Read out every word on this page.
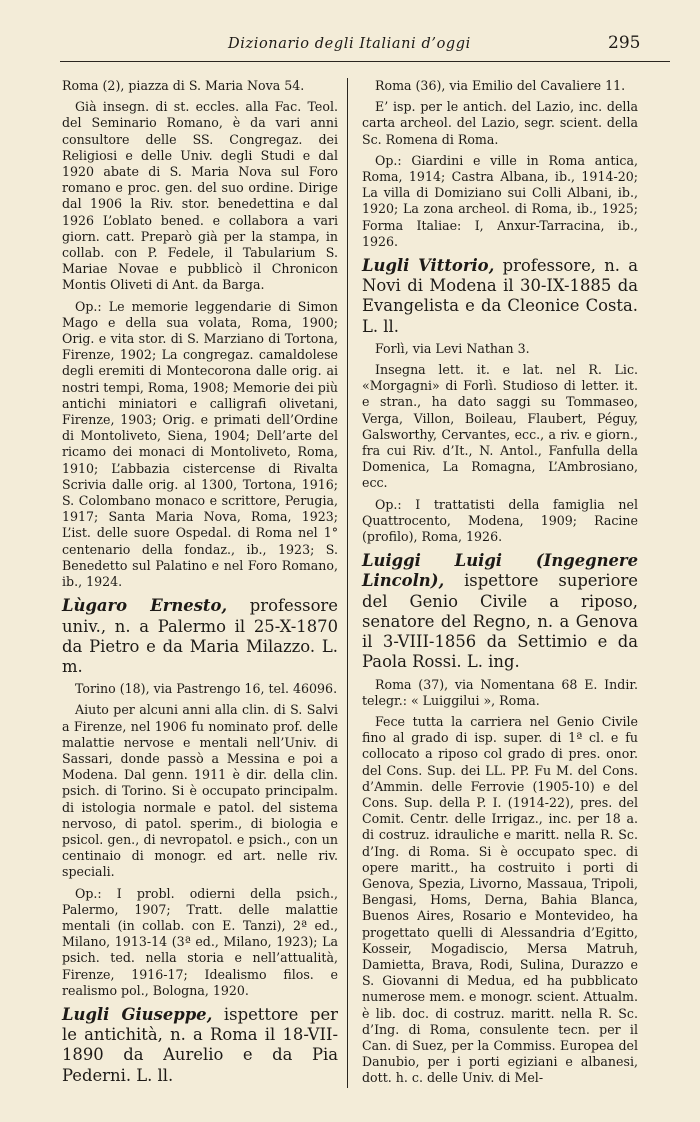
Dizionario degli Italiani d’oggi	295

Roma (2), piazza di S. Maria Nova 54.

Già insegn. di st. eccles. alla Fac. Teol. del Seminario Romano, è da vari anni consultore delle SS. Congregaz. dei Religiosi e delle Univ. degli Studi e dal 1920 abate di S. Maria Nova sul Foro romano e proc. gen. del suo ordine. Dirige dal 1906 la Riv. stor. benedettina e dal 1926 L’oblato bened. e collabora a vari giorn. catt. Preparò già per la stampa, in collab. con P. Fedele, il Tabularium S. Mariae Novae e pubblicò il Chronicon Montis Oliveti di Ant. da Barga.

Op.: Le memorie leggendarie di Simon Mago e della sua volata, Roma, 1900; Orig. e vita stor. di S. Marziano di Tortona, Firenze, 1902; La congregaz. camaldolese degli eremiti di Montecorona dalle orig. ai nostri tempi, Roma, 1908; Memorie dei più antichi miniatori e calligrafi olivetani, Firenze, 1903; Orig. e primati dell’Ordine di Montoliveto, Siena, 1904; Dell’arte del ricamo dei monaci di Montoliveto, Roma, 1910; L’abbazia cistercense di Rivalta Scrivia dalle orig. al 1300, Tortona, 1916; S. Colombano monaco e scrittore, Perugia, 1917; Santa Maria Nova, Roma, 1923; L’ist. delle suore Ospedal. di Roma nel 1° centenario della fondaz., ib., 1923; S. Benedetto sul Palatino e nel Foro Romano, ib., 1924.

Lùgaro Ernesto, professore univ., n. a Palermo il 25-X-1870 da Pietro e da Maria Milazzo. L. m.

Torino (18), via Pastrengo 16, tel. 46096.

Aiuto per alcuni anni alla clin. di S. Salvi a Firenze, nel 1906 fu nominato prof. delle malattie nervose e mentali nell’Univ. di Sassari, donde passò a Messina e poi a Modena. Dal genn. 1911 è dir. della clin. psich. di Torino. Si è occupato principalm. di istologia normale e patol. del sistema nervoso, di patol. sperim., di biologia e psicol. gen., di nevropatol. e psich., con un centinaio di monogr. ed art. nelle riv. speciali.

Op.: I probl. odierni della psich., Palermo, 1907; Tratt. delle malattie mentali (in collab. con E. Tanzi), 2ª ed., Milano, 1913-14 (3ª ed., Milano, 1923); La psich. ted. nella storia e nell’attualità, Firenze, 1916-17; Idealismo filos. e realismo pol., Bologna, 1920.

Lugli Giuseppe, ispettore per le antichità, n. a Roma il 18-VII-1890 da Aurelio e da Pia Pederni. L. ll.

Roma (36), via Emilio del Cavaliere 11.

E’ isp. per le antich. del Lazio, inc. della carta archeol. del Lazio, segr. scient. della Sc. Romena di Roma.

Op.: Giardini e ville in Roma antica, Roma, 1914; Castra Albana, ib., 1914-20; La villa di Domiziano sui Colli Albani, ib., 1920; La zona archeol. di Roma, ib., 1925; Forma Italiae: I, Anxur-Tarracina, ib., 1926.

Lugli Vittorio, professore, n. a Novi di Modena il 30-IX-1885 da Evangelista e da Cleonice Costa. L. ll.

Forlì, via Levi Nathan 3.

Insegna lett. it. e lat. nel R. Lic. «Morgagni» di Forlì. Studioso di letter. it. e stran., ha dato saggi su Tommaseo, Verga, Villon, Boileau, Flaubert, Péguy, Galsworthy, Cervantes, ecc., a riv. e giorn., fra cui Riv. d’It., N. Antol., Fanfulla della Domenica, La Romagna, L’Ambrosiano, ecc.

Op.: I trattatisti della famiglia nel Quattrocento, Modena, 1909; Racine (profilo), Roma, 1926.

Luiggi Luigi (Ingegnere Lincoln), ispettore superiore del Genio Civile a riposo, senatore del Regno, n. a Genova il 3-VIII-1856 da Settimio e da Paola Rossi. L. ing.

Roma (37), via Nomentana 68 E. Indir. telegr.: « Luiggilui », Roma.

Fece tutta la carriera nel Genio Civile fino al grado di isp. super. di 1ª cl. e fu collocato a riposo col grado di pres. onor. del Cons. Sup. dei LL. PP. Fu M. del Cons. d’Ammin. delle Ferrovie (1905-10) e del Cons. Sup. della P. I. (1914-22), pres. del Comit. Centr. delle Irrigaz., inc. per 18 a. di costruz. idrauliche e maritt. nella R. Sc. d’Ing. di Roma. Si è occupato spec. di opere maritt., ha costruito i porti di Genova, Spezia, Livorno, Massaua, Tripoli, Bengasi, Homs, Derna, Bahia Blanca, Buenos Aires, Rosario e Montevideo, ha progettato quelli di Alessandria d’Egitto, Kosseir, Mogadiscio, Mersa Matruh, Damietta, Brava, Rodi, Sulina, Durazzo e S. Giovanni di Medua, ed ha pubblicato numerose mem. e monogr. scient. Attualm. è lib. doc. di costruz. maritt. nella R. Sc. d’Ing. di Roma, consulente tecn. per il Can. di Suez, per la Commiss. Europea del Danubio, per i porti egiziani e albanesi, dott. h. c. delle Univ. di Mel-
